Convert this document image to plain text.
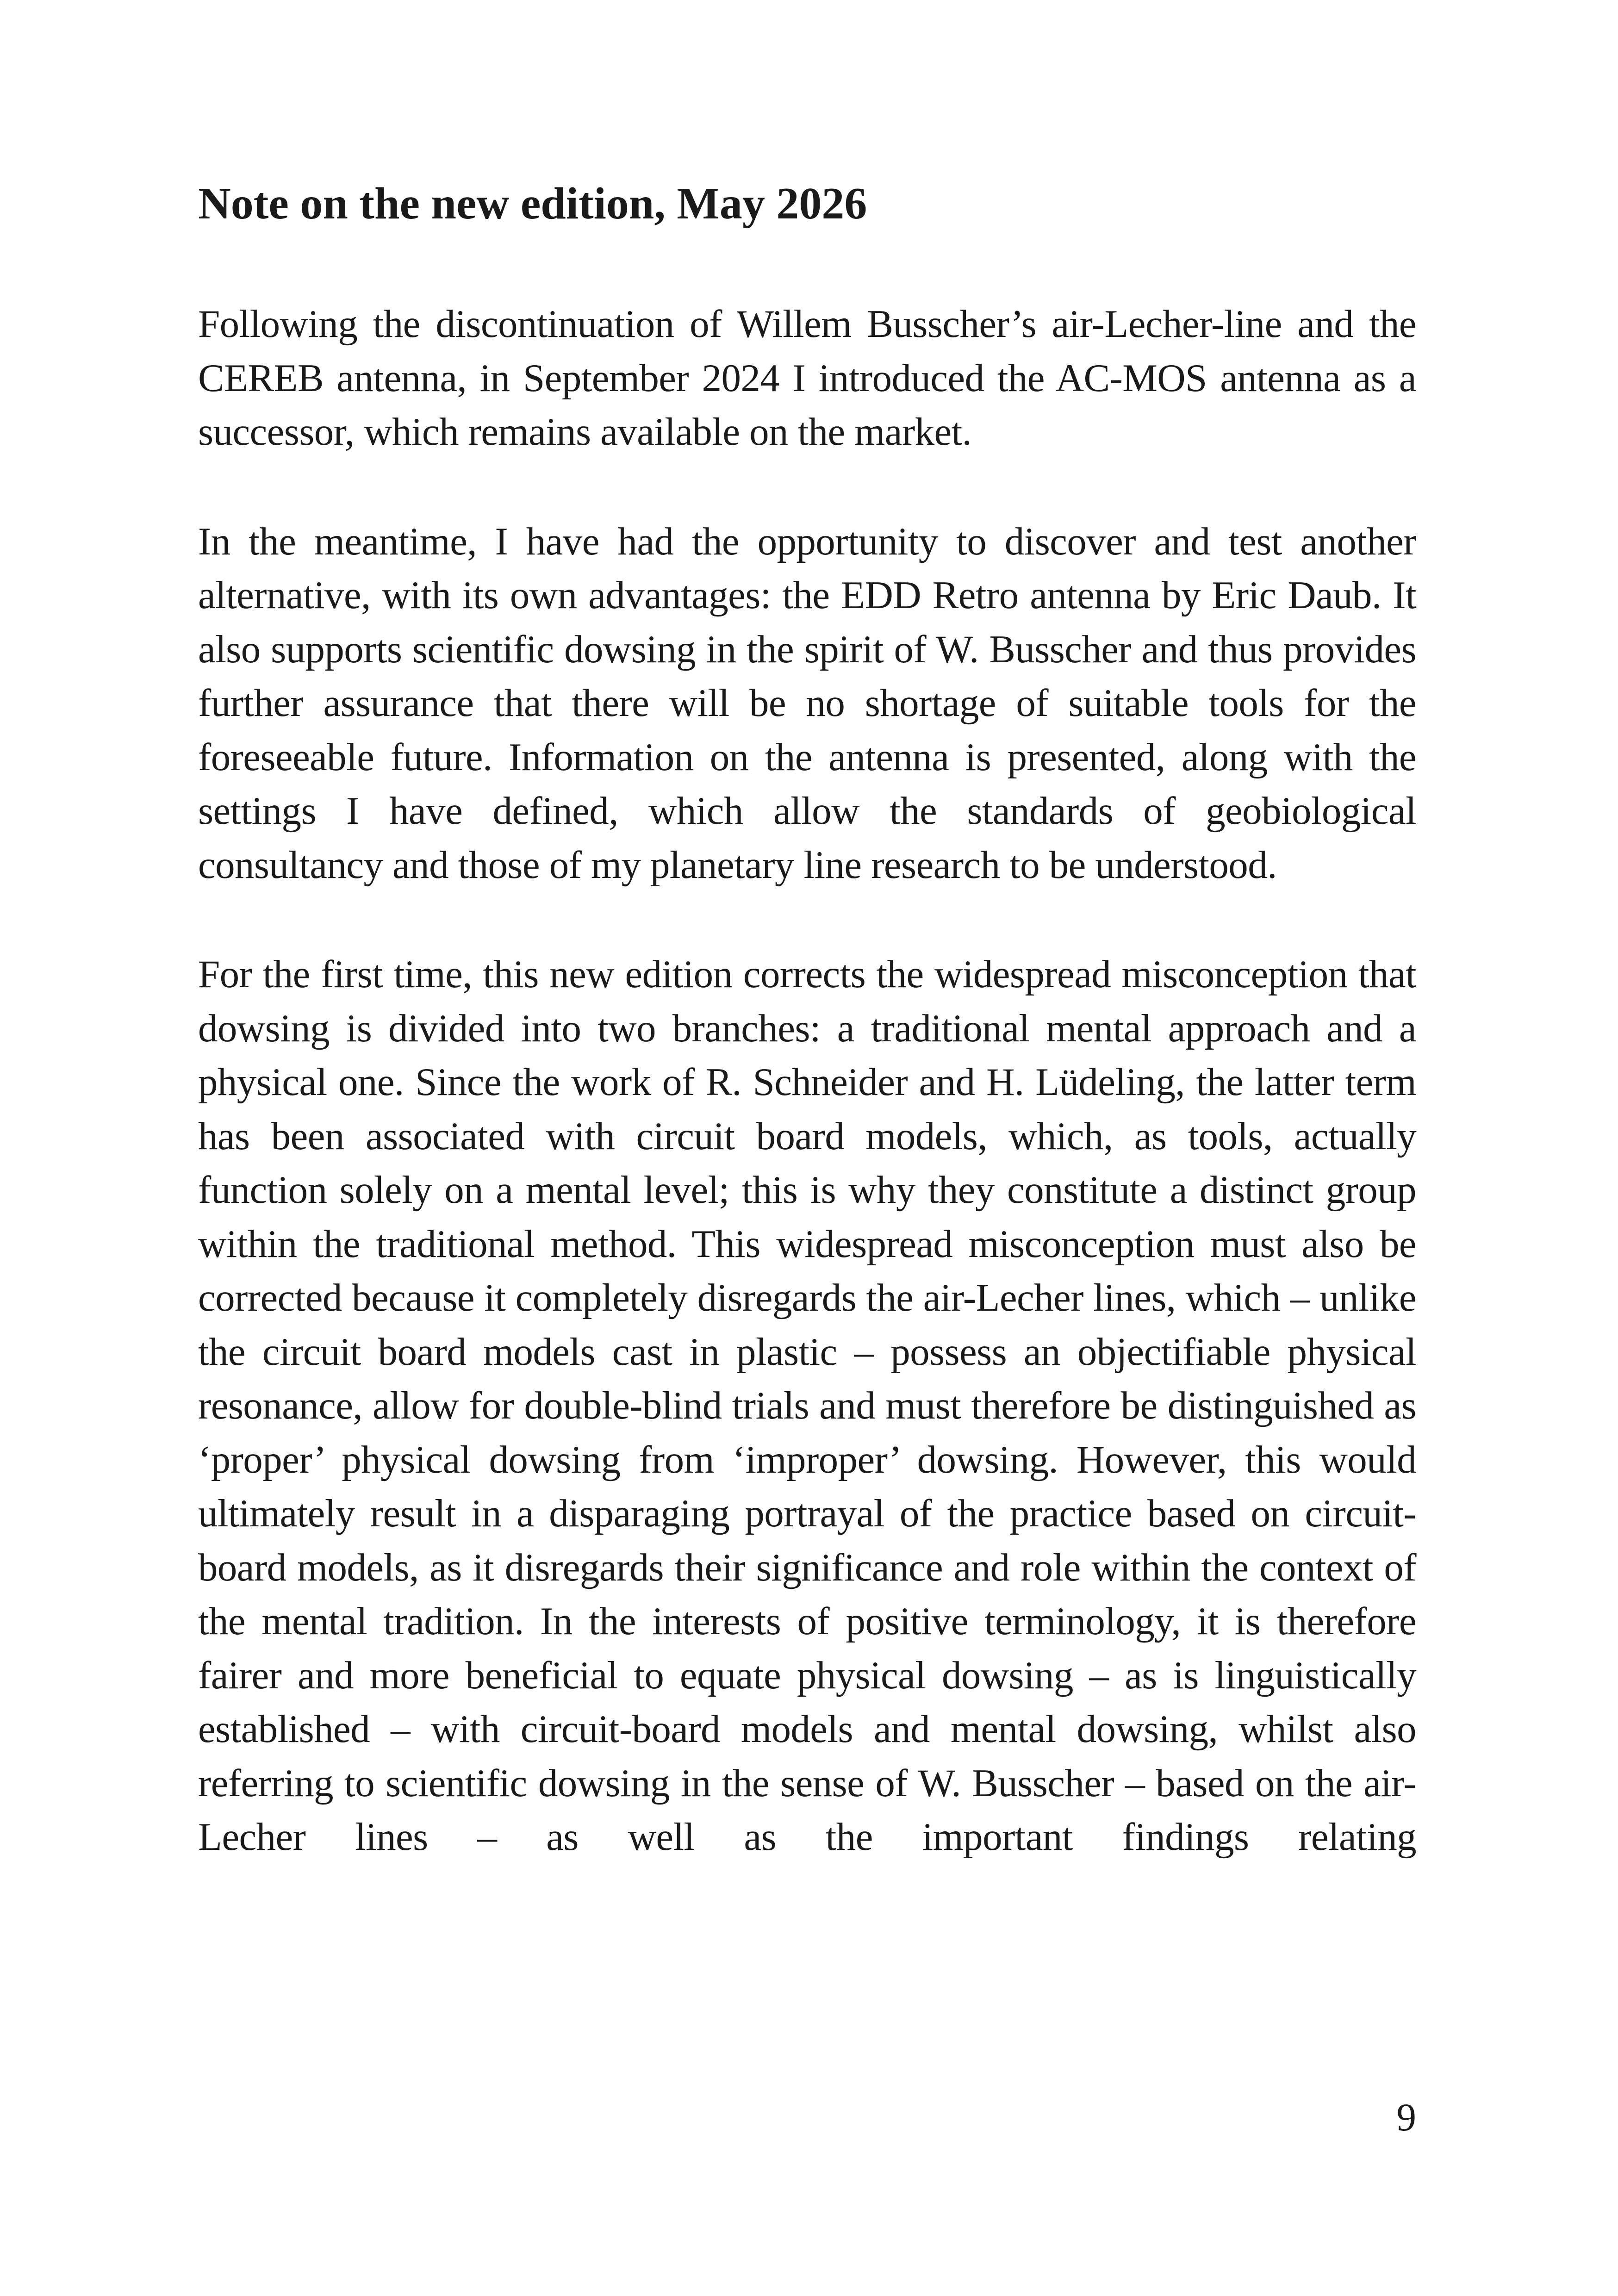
Note on the new edition, May 2026

Following the discontinuation of Willem Busscher’s air-Lecher-line and the CEREB antenna, in September 2024 I introduced the AC-MOS antenna as a successor, which remains available on the market.

In the meantime, I have had the opportunity to discover and test another alternative, with its own advantages: the EDD Retro antenna by Eric Daub. It also supports scientific dowsing in the spirit of W. Busscher and thus provides further assurance that there will be no shortage of suitable tools for the foreseeable future. Information on the antenna is presented, along with the settings I have defined, which allow the standards of geobiological consultancy and those of my planetary line research to be understood.

For the first time, this new edition corrects the widespread misconception that dowsing is divided into two branches: a traditional mental approach and a physical one. Since the work of R. Schneider and H. Lüdeling, the latter term has been associated with circuit board models, which, as tools, actually function solely on a mental level; this is why they constitute a distinct group within the traditional method. This widespread misconception must also be corrected because it completely disregards the air-Lecher lines, which – unlike the circuit board models cast in plastic – possess an objectifiable physical resonance, allow for double-blind trials and must therefore be distinguished as ‘proper’ physical dowsing from ‘improper’ dowsing. However, this would ultimately result in a disparaging portrayal of the practice based on circuit-board models, as it disregards their significance and role within the context of the mental tradition. In the interests of positive terminology, it is therefore fairer and more beneficial to equate physical dowsing – as is linguistically established – with circuit-board models and mental dowsing, whilst also referring to scientific dowsing in the sense of W. Busscher – based on the air-Lecher lines – as well as the important findings relating

9
